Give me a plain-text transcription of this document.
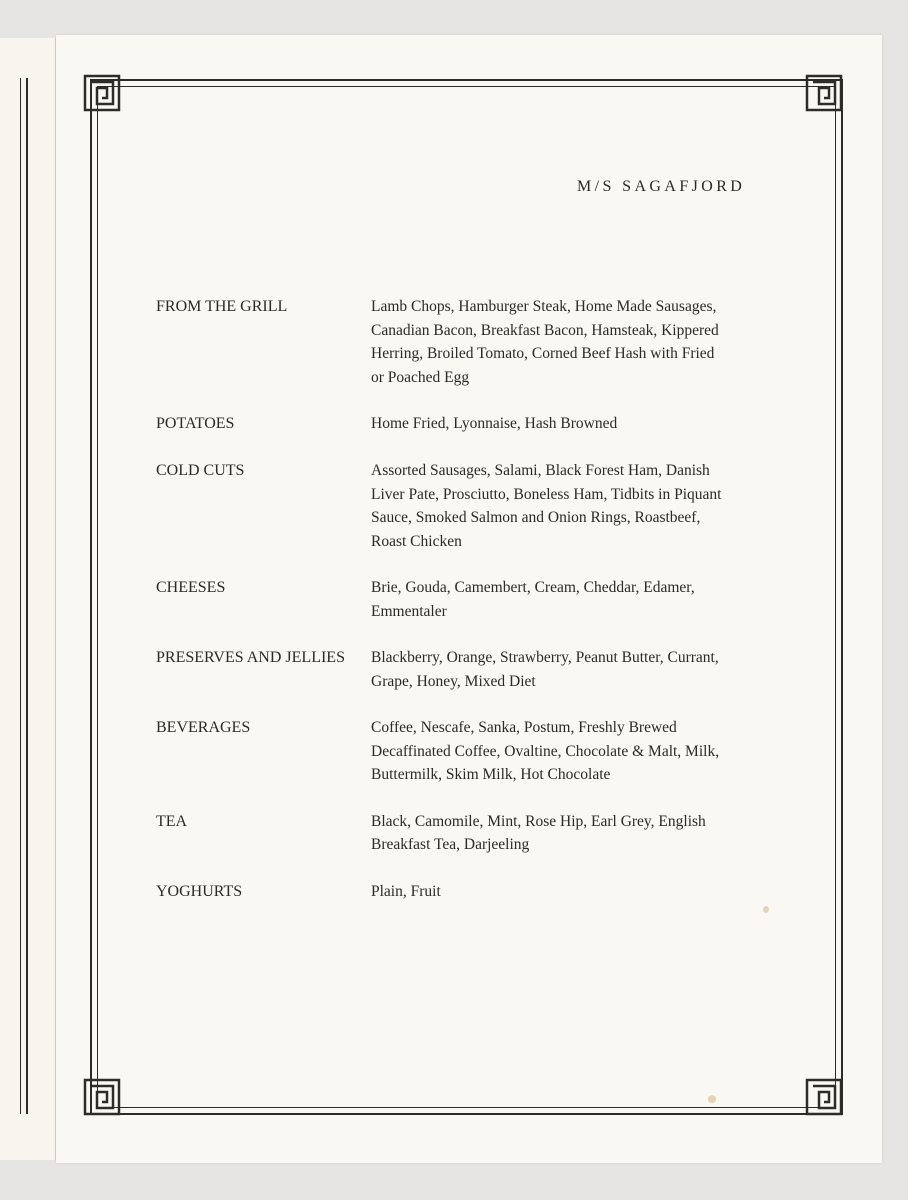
M/S SAGAFJORD
FROM THE GRILL	Lamb Chops, Hamburger Steak, Home Made Sausages,
Canadian Bacon, Breakfast Bacon, Hamsteak, Kippered
Herring, Broiled Tomato, Corned Beef Hash with Fried
or Poached Egg
POTATOES	Home Fried, Lyonnaise, Hash Browned
COLD CUTS	Assorted Sausages, Salami, Black Forest Ham, Danish
Liver Pate, Prosciutto, Boneless Ham, Tidbits in Piquant
Sauce, Smoked Salmon and Onion Rings, Roastbeef,
Roast Chicken
CHEESES	Brie, Gouda, Camembert, Cream, Cheddar, Edamer,
Emmentaler
PRESERVES AND JELLIES	Blackberry, Orange, Strawberry, Peanut Butter, Currant,
Grape, Honey, Mixed Diet
BEVERAGES	Coffee, Nescafe, Sanka, Postum, Freshly Brewed
Decaffinated Coffee, Ovaltine, Chocolate & Malt, Milk,
Buttermilk, Skim Milk, Hot Chocolate
TEA	Black, Camomile, Mint, Rose Hip, Earl Grey, English
Breakfast Tea, Darjeeling
YOGHURTS	Plain, Fruit
